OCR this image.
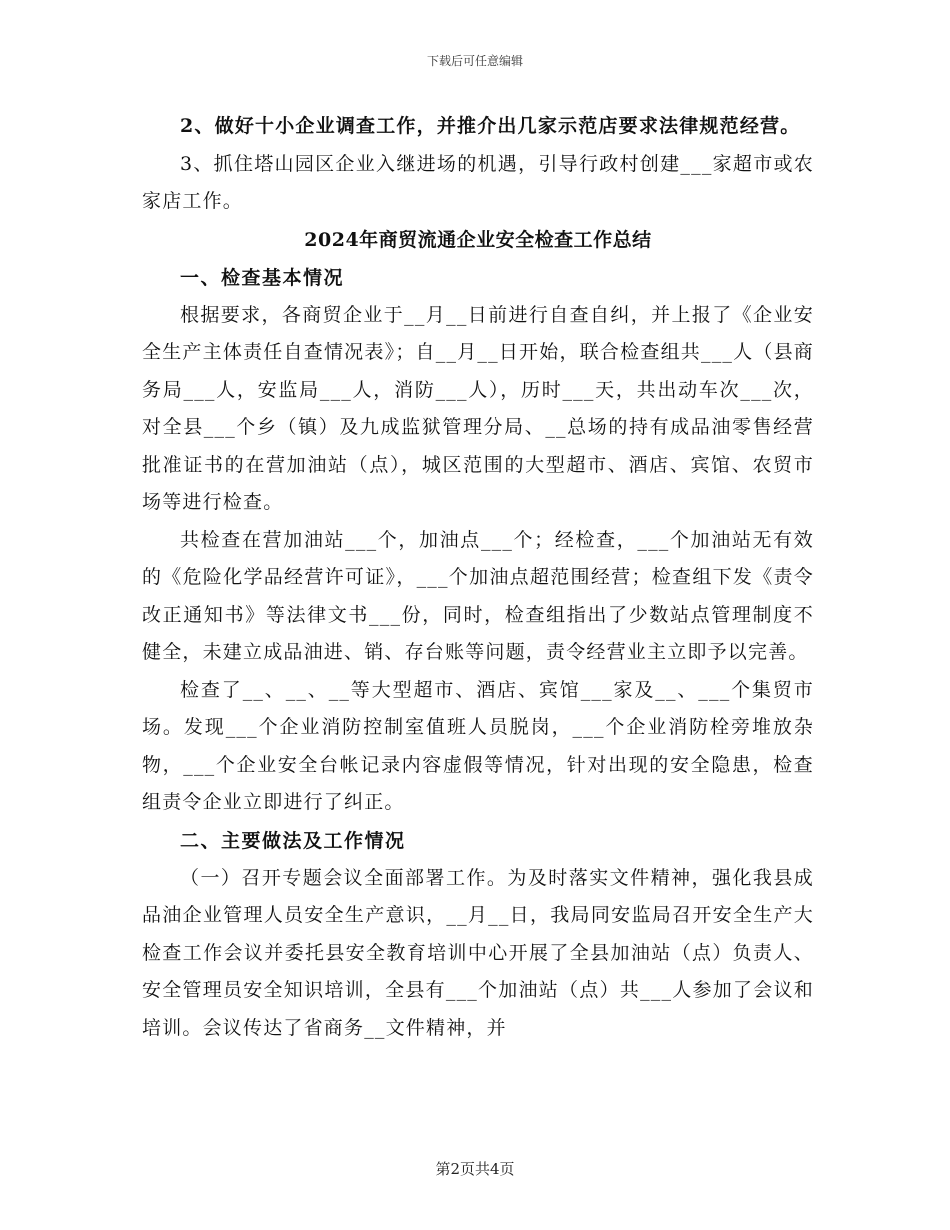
下载后可任意编辑

2、做好十小企业调查工作，并推介出几家示范店要求法律规范经营。

3、抓住塔山园区企业入继进场的机遇，引导行政村创建___家超市或农家店工作。

2024年商贸流通企业安全检查工作总结

一、检查基本情况

根据要求，各商贸企业于__月__日前进行自查自纠，并上报了《企业安全生产主体责任自查情况表》；自__月__日开始，联合检查组共___人（县商务局___人，安监局___人，消防___人），历时___天，共出动车次___次，对全县___个乡（镇）及九成监狱管理分局、__总场的持有成品油零售经营批准证书的在营加油站（点），城区范围的大型超市、酒店、宾馆、农贸市场等进行检查。

共检查在营加油站___个，加油点___个；经检查，___个加油站无有效的《危险化学品经营许可证》，___个加油点超范围经营；检查组下发《责令改正通知书》等法律文书___份，同时，检查组指出了少数站点管理制度不健全，未建立成品油进、销、存台账等问题，责令经营业主立即予以完善。

检查了__、__、__等大型超市、酒店、宾馆___家及__、___个集贸市场。发现___个企业消防控制室值班人员脱岗，___个企业消防栓旁堆放杂物，___个企业安全台帐记录内容虚假等情况，针对出现的安全隐患，检查组责令企业立即进行了纠正。

二、主要做法及工作情况

（一）召开专题会议全面部署工作。为及时落实文件精神，强化我县成品油企业管理人员安全生产意识，__月__日，我局同安监局召开安全生产大检查工作会议并委托县安全教育培训中心开展了全县加油站（点）负责人、安全管理员安全知识培训，全县有___个加油站（点）共___人参加了会议和培训。会议传达了省商务__文件精神，并

第2页共4页
